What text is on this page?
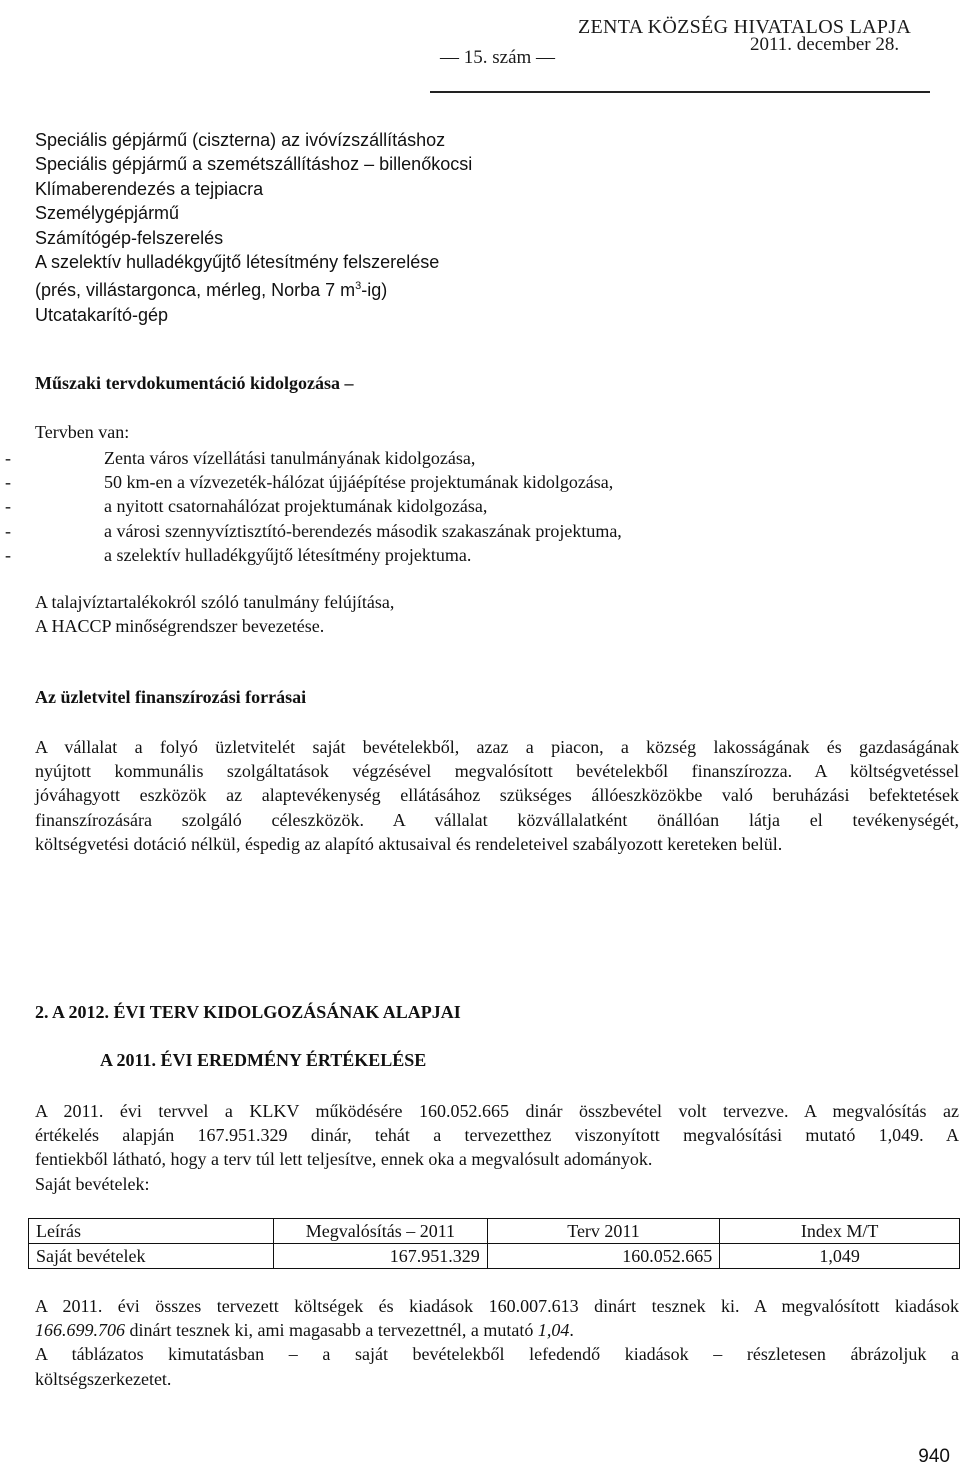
ZENTA KÖZSÉG HIVATALOS LAPJA
2011. december 28.
— 15. szám —
Speciális gépjármű (ciszterna) az ivóvízszállításhoz
Speciális gépjármű a szemétszállításhoz – billenőkocsi
Klímaberendezés a tejpiacra
Személygépjármű
Számítógép-felszerelés
A szelektív hulladékgyűjtő létesítmény felszerelése
(prés, villástargonca, mérleg, Norba 7 $m^3-ig$)
Utcatakarító-gép
Műszaki tervdokumentáció kidolgozása –
Tervben van:
-	Zenta város vízellátási tanulmányának kidolgozása,
-	50 km-en a vízvezeték-hálózat újjáépítése projektumának kidolgozása,
-	a nyitott csatornahálózat projektumának kidolgozása,
-	a városi szennyvíztisztító-berendezés második szakaszának projektuma,
-	a szelektív hulladékgyűjtő létesítmény projektuma.
A talajvíztartalékokról szóló tanulmány felújítása,
A HACCP minőségrendszer bevezetése.
Az üzletvitel finanszírozási forrásai
A vállalat a folyó üzletvitelét saját bevételekből, azaz a piacon, a község lakosságának és gazdaságának
nyújtott kommunális szolgáltatások végzésével megvalósított bevételekből finanszírozza. A költségvetéssel
jóváhagyott eszközök az alaptevékenység ellátásához szükséges állóeszközökbe való beruházási befektetések
finanszírozására szolgáló céleszközök. A vállalat közvállalatként önállóan látja el tevékenységét,
költségvetési dotáció nélkül, éspedig az alapító aktusaival és rendeleteivel szabályozott kereteken belül.
2. A 2012. ÉVI TERV KIDOLGOZÁSÁNAK ALAPJAI
A 2011. ÉVI EREDMÉNY ÉRTÉKELÉSE
A 2011. évi tervvel a KLKV működésére 160.052.665 dinár összbevétel volt tervezve. A megvalósítás az
értékelés alapján 167.951.329 dinár, tehát a tervezetthez viszonyított megvalósítási mutató 1,049. A
fentiekből látható, hogy a terv túl lett teljesítve, ennek oka a megvalósult adományok.
Saját bevételek:
Leírás	Megvalósítás – 2011	Terv 2011	Index M/T
Saját bevételek	167.951.329	160.052.665	1,049
A 2011. évi összes tervezett költségek és kiadások 160.007.613 dinárt tesznek ki. A megvalósított kiadások
166.699.706 dinárt tesznek ki, ami magasabb a tervezettnél, a mutató 1,04.
A táblázatos kimutatásban – a saját bevételekből lefedendő kiadások – részletesen ábrázoljuk a
költségszerkezetet.
940
